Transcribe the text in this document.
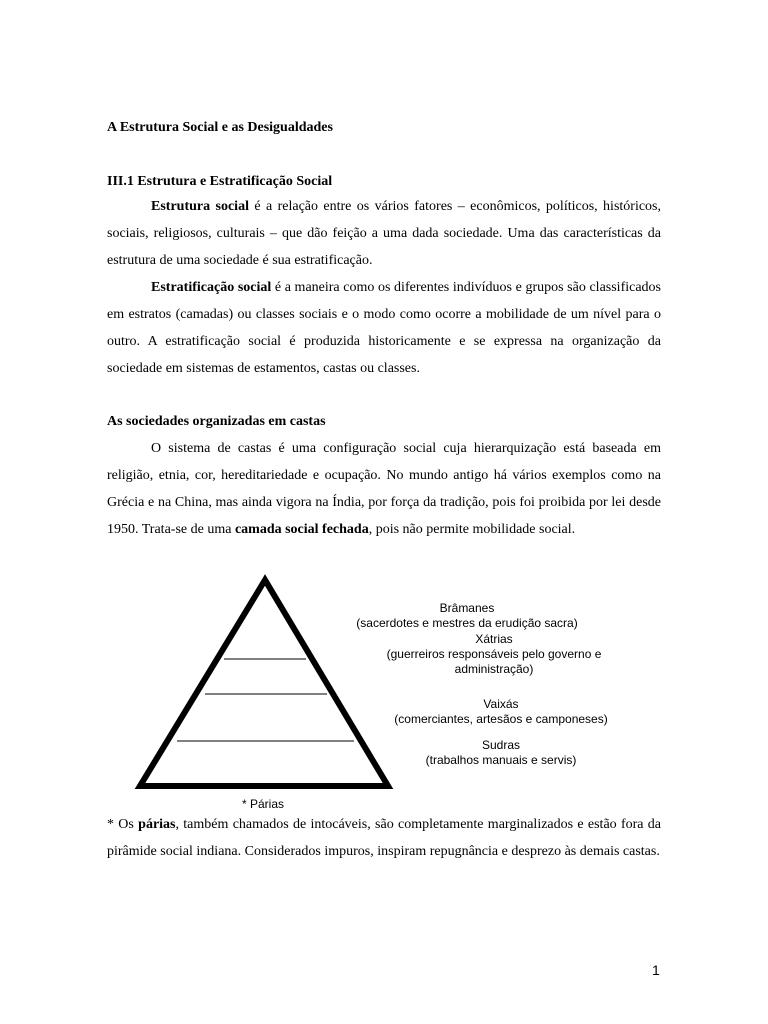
A Estrutura Social e as Desigualdades
III.1 Estrutura e Estratificação Social

Estrutura social é a relação entre os vários fatores – econômicos, políticos, históricos, sociais, religiosos, culturais – que dão feição a uma dada sociedade. Uma das características da estrutura de uma sociedade é sua estratificação.

Estratificação social é a maneira como os diferentes indivíduos e grupos são classificados em estratos (camadas) ou classes sociais e o modo como ocorre a mobilidade de um nível para o outro. A estratificação social é produzida historicamente e se expressa na organização da sociedade em sistemas de estamentos, castas ou classes.

As sociedades organizadas em castas

O sistema de castas é uma configuração social cuja hierarquização está baseada em religião, etnia, cor, hereditariedade e ocupação. No mundo antigo há vários exemplos como na Grécia e na China, mas ainda vigora na Índia, por força da tradição, pois foi proibida por lei desde 1950. Trata-se de uma camada social fechada, pois não permite mobilidade social.

Brâmanes
(sacerdotes e mestres da erudição sacra)
Xátrias
(guerreiros responsáveis pelo governo e administração)
Vaixás
(comerciantes, artesãos e camponeses)
Sudras
(trabalhos manuais e servis)
* Párias

* Os párias, também chamados de intocáveis, são completamente marginalizados e estão fora da pirâmide social indiana. Considerados impuros, inspiram repugnância e desprezo às demais castas.

1
